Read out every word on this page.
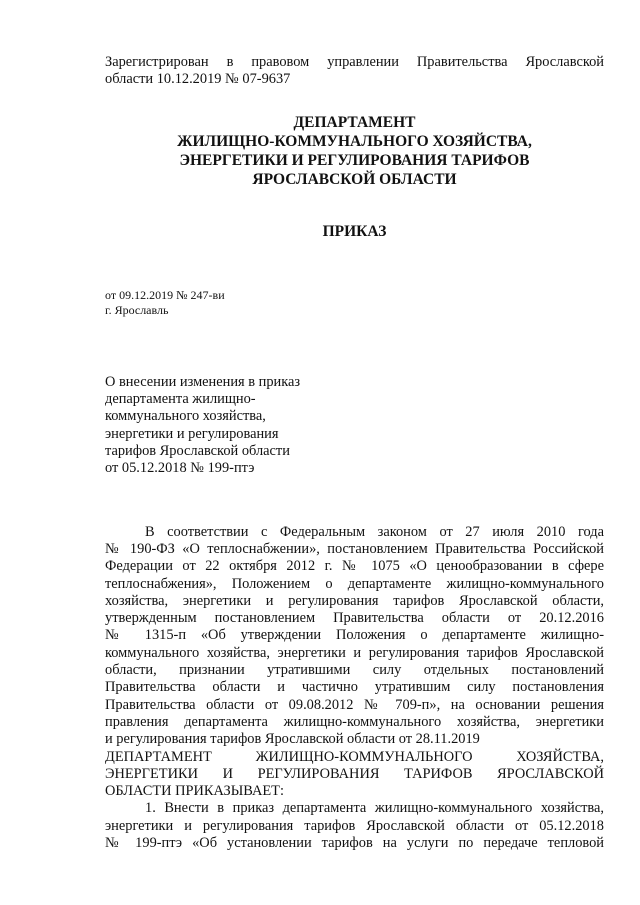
Зарегистрирован в правовом управлении Правительства Ярославской
области 10.12.2019 № 07-9637

ДЕПАРТАМЕНТ
ЖИЛИЩНО-КОММУНАЛЬНОГО ХОЗЯЙСТВА,
ЭНЕРГЕТИКИ И РЕГУЛИРОВАНИЯ ТАРИФОВ
ЯРОСЛАВСКОЙ ОБЛАСТИ
ПРИКАЗ
от 09.12.2019 № 247-ви
г. Ярославль
О внесении изменения в приказ
департамента жилищно-
коммунального хозяйства,
энергетики и регулирования
тарифов Ярославской области
от 05.12.2018 № 199-птэ
В соответствии с Федеральным законом от 27 июля 2010 года
№ 190-ФЗ «О теплоснабжении», постановлением Правительства Российской
Федерации от 22 октября 2012 г. № 1075 «О ценообразовании в сфере
теплоснабжения», Положением о департаменте жилищно-коммунального
хозяйства, энергетики и регулирования тарифов Ярославской области,
утвержденным постановлением Правительства области от 20.12.2016
№ 1315-п «Об утверждении Положения о департаменте жилищно-
коммунального хозяйства, энергетики и регулирования тарифов Ярославской
области, признании утратившими силу отдельных постановлений
Правительства области и частично утратившим силу постановления
Правительства области от 09.08.2012 № 709-п», на основании решения
правления департамента жилищно-коммунального хозяйства, энергетики
и регулирования тарифов Ярославской области от 28.11.2019
ДЕПАРТАМЕНТ ЖИЛИЩНО-КОММУНАЛЬНОГО ХОЗЯЙСТВА,
ЭНЕРГЕТИКИ И РЕГУЛИРОВАНИЯ ТАРИФОВ ЯРОСЛАВСКОЙ
ОБЛАСТИ ПРИКАЗЫВАЕТ:
1. Внести в приказ департамента жилищно-коммунального хозяйства,
энергетики и регулирования тарифов Ярославской области от 05.12.2018
№ 199-птэ «Об установлении тарифов на услуги по передаче тепловой
